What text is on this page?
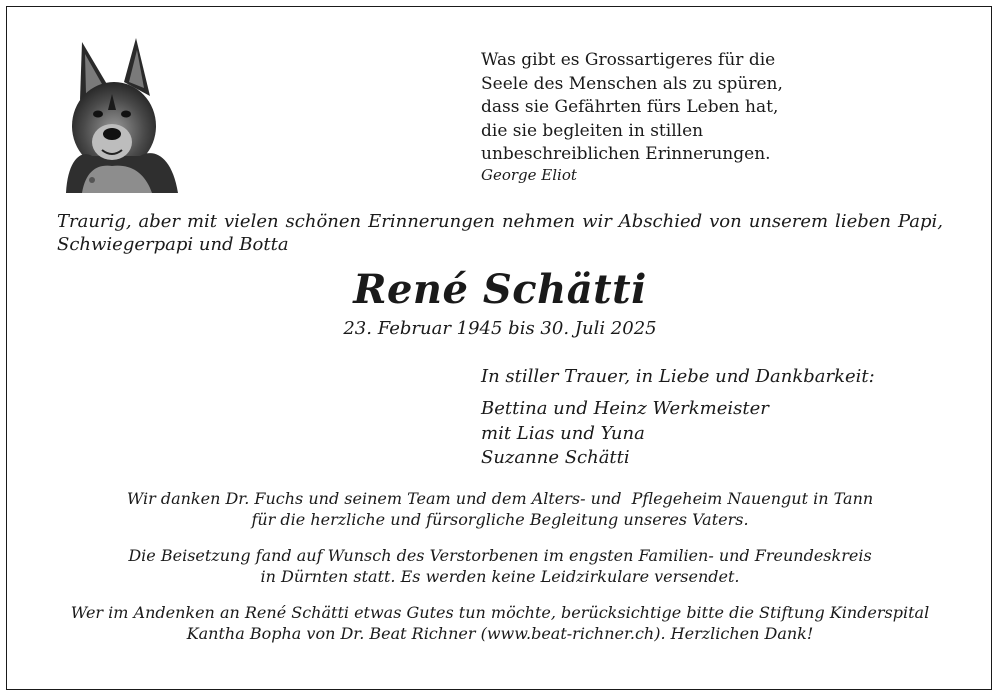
Was gibt es Grossartigeres für die
Seele des Menschen als zu spüren,
dass sie Gefährten fürs Leben hat,
die sie begleiten in stillen
unbeschreiblichen Erinnerungen.
George Eliot
Traurig, aber mit vielen schönen Erinnerungen nehmen wir Abschied von unserem lieben Papi,
Schwiegerpapi und Botta
René Schätti
23. Februar 1945 bis 30. Juli 2025
In stiller Trauer, in Liebe und Dankbarkeit:
Bettina und Heinz Werkmeister
mit Lias und Yuna
Suzanne Schätti
Wir danken Dr. Fuchs und seinem Team und dem Alters- und  Pflegeheim Nauengut in Tann
für die herzliche und fürsorgliche Begleitung unseres Vaters.
Die Beisetzung fand auf Wunsch des Verstorbenen im engsten Familien- und Freundeskreis
in Dürnten statt. Es werden keine Leidzirkulare versendet.
Wer im Andenken an René Schätti etwas Gutes tun möchte, berücksichtige bitte die Stiftung Kinderspital
Kantha Bopha von Dr. Beat Richner (www.beat-richner.ch). Herzlichen Dank!
